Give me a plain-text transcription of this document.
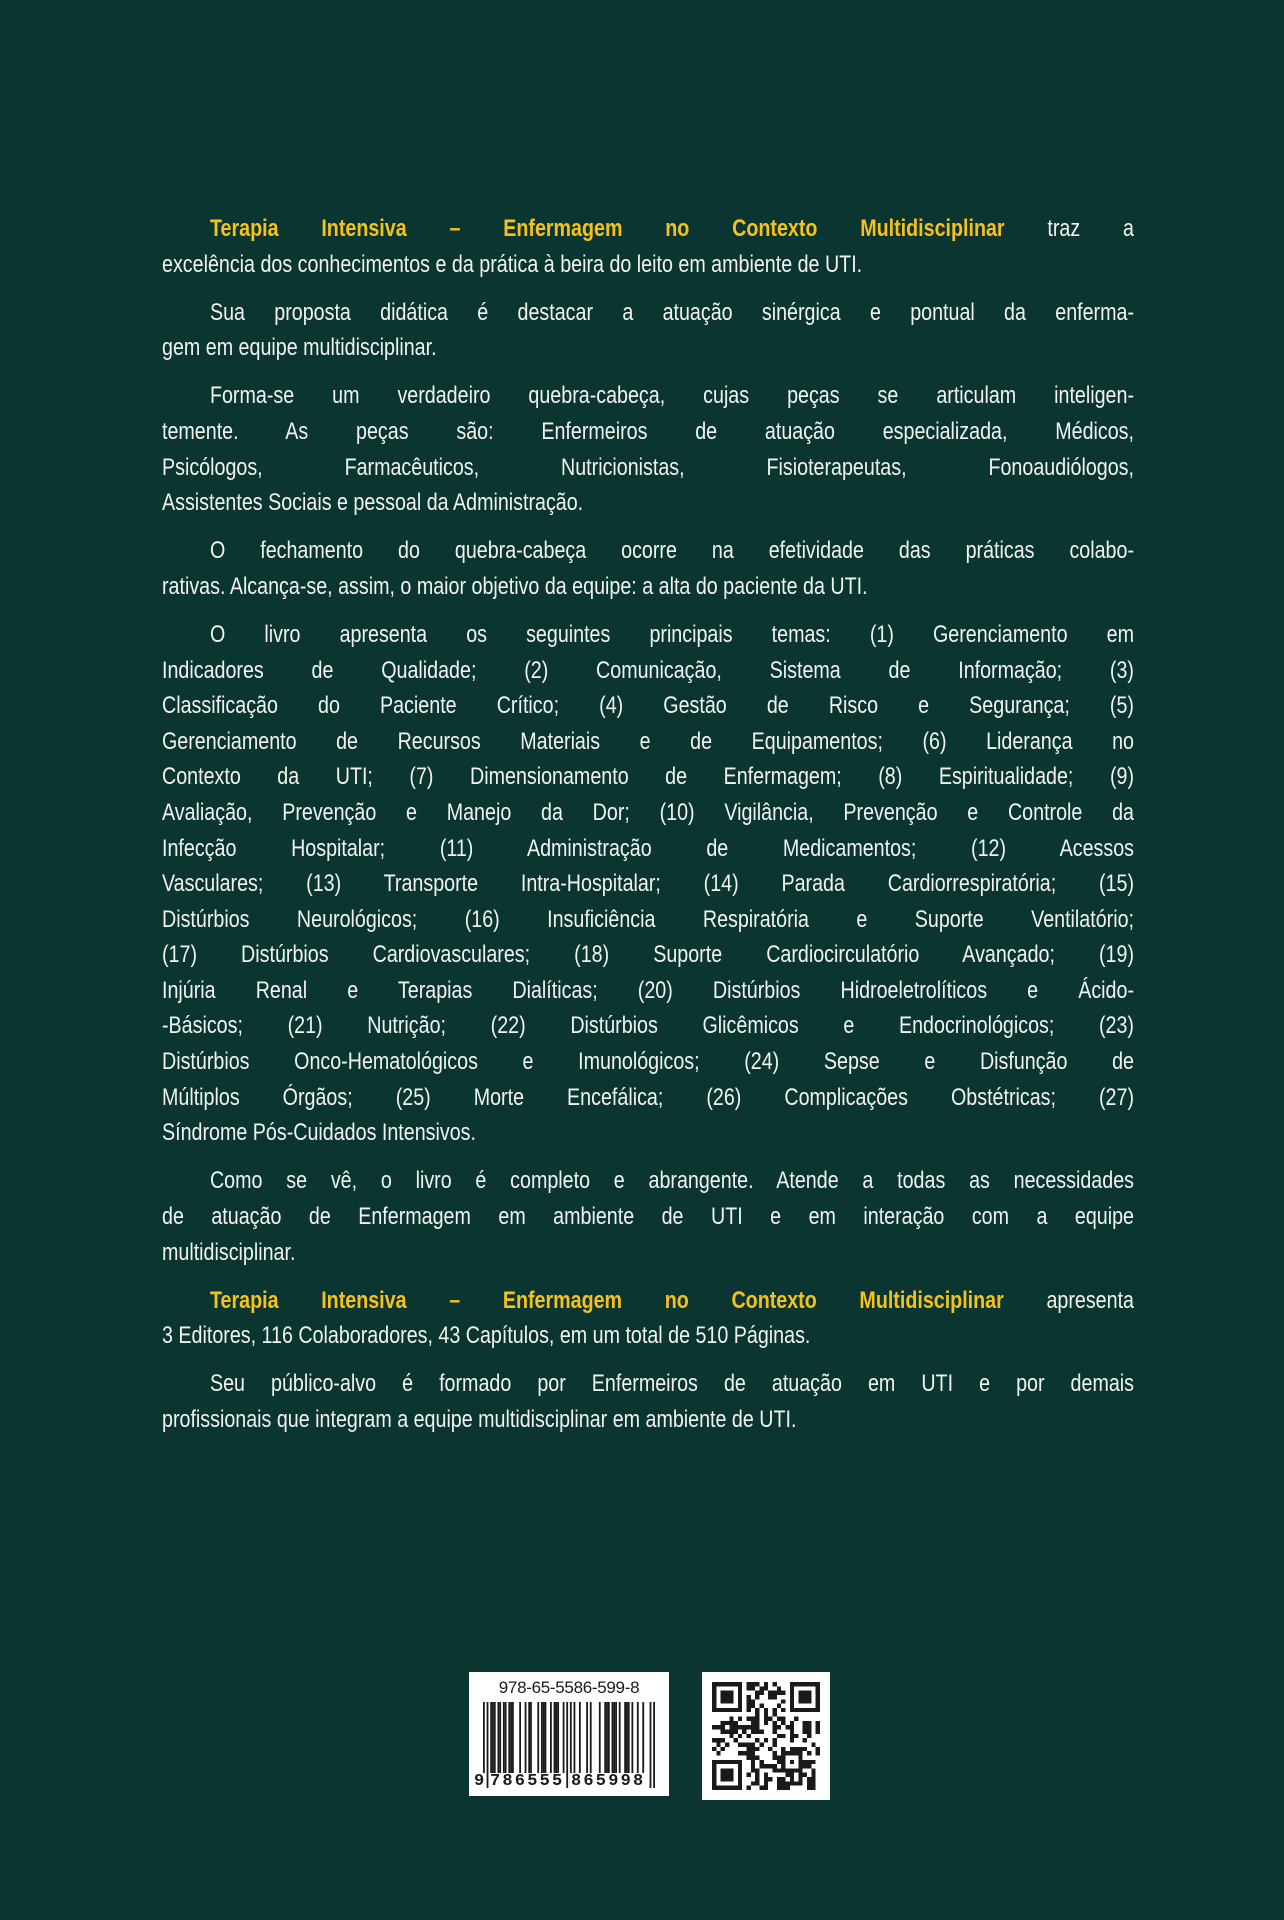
Terapia Intensiva – Enfermagem no Contexto Multidisciplinar traz a
excelência dos conhecimentos e da prática à beira do leito em ambiente de UTI.
Sua proposta didática é destacar a atuação sinérgica e pontual da enferma-
gem em equipe multidisciplinar.
Forma-se um verdadeiro quebra-cabeça, cujas peças se articulam inteligen-
temente. As peças são: Enfermeiros de atuação especializada, Médicos,
Psicólogos, Farmacêuticos, Nutricionistas, Fisioterapeutas, Fonoaudiólogos,
Assistentes Sociais e pessoal da Administração.
O fechamento do quebra-cabeça ocorre na efetividade das práticas colabo-
rativas. Alcança-se, assim, o maior objetivo da equipe: a alta do paciente da UTI.
O livro apresenta os seguintes principais temas: (1) Gerenciamento em
Indicadores de Qualidade; (2) Comunicação, Sistema de Informação; (3)
Classificação do Paciente Crítico; (4) Gestão de Risco e Segurança; (5)
Gerenciamento de Recursos Materiais e de Equipamentos; (6) Liderança no
Contexto da UTI; (7) Dimensionamento de Enfermagem; (8) Espiritualidade; (9)
Avaliação, Prevenção e Manejo da Dor; (10) Vigilância, Prevenção e Controle da
Infecção Hospitalar; (11) Administração de Medicamentos; (12) Acessos
Vasculares; (13) Transporte Intra-Hospitalar; (14) Parada Cardiorrespiratória; (15)
Distúrbios Neurológicos; (16) Insuficiência Respiratória e Suporte Ventilatório;
(17) Distúrbios Cardiovasculares; (18) Suporte Cardiocirculatório Avançado; (19)
Injúria Renal e Terapias Dialíticas; (20) Distúrbios Hidroeletrolíticos e Ácido-
-Básicos; (21) Nutrição; (22) Distúrbios Glicêmicos e Endocrinológicos; (23)
Distúrbios Onco-Hematológicos e Imunológicos; (24) Sepse e Disfunção de
Múltiplos Órgãos; (25) Morte Encefálica; (26) Complicações Obstétricas; (27)
Síndrome Pós-Cuidados Intensivos.
Como se vê, o livro é completo e abrangente. Atende a todas as necessidades
de atuação de Enfermagem em ambiente de UTI e em interação com a equipe
multidisciplinar.
Terapia Intensiva – Enfermagem no Contexto Multidisciplinar apresenta
3 Editores, 116 Colaboradores, 43 Capítulos, em um total de 510 Páginas.
Seu público-alvo é formado por Enfermeiros de atuação em UTI e por demais
profissionais que integram a equipe multidisciplinar em ambiente de UTI.
978-65-5586-599-8
9 786555 865998
